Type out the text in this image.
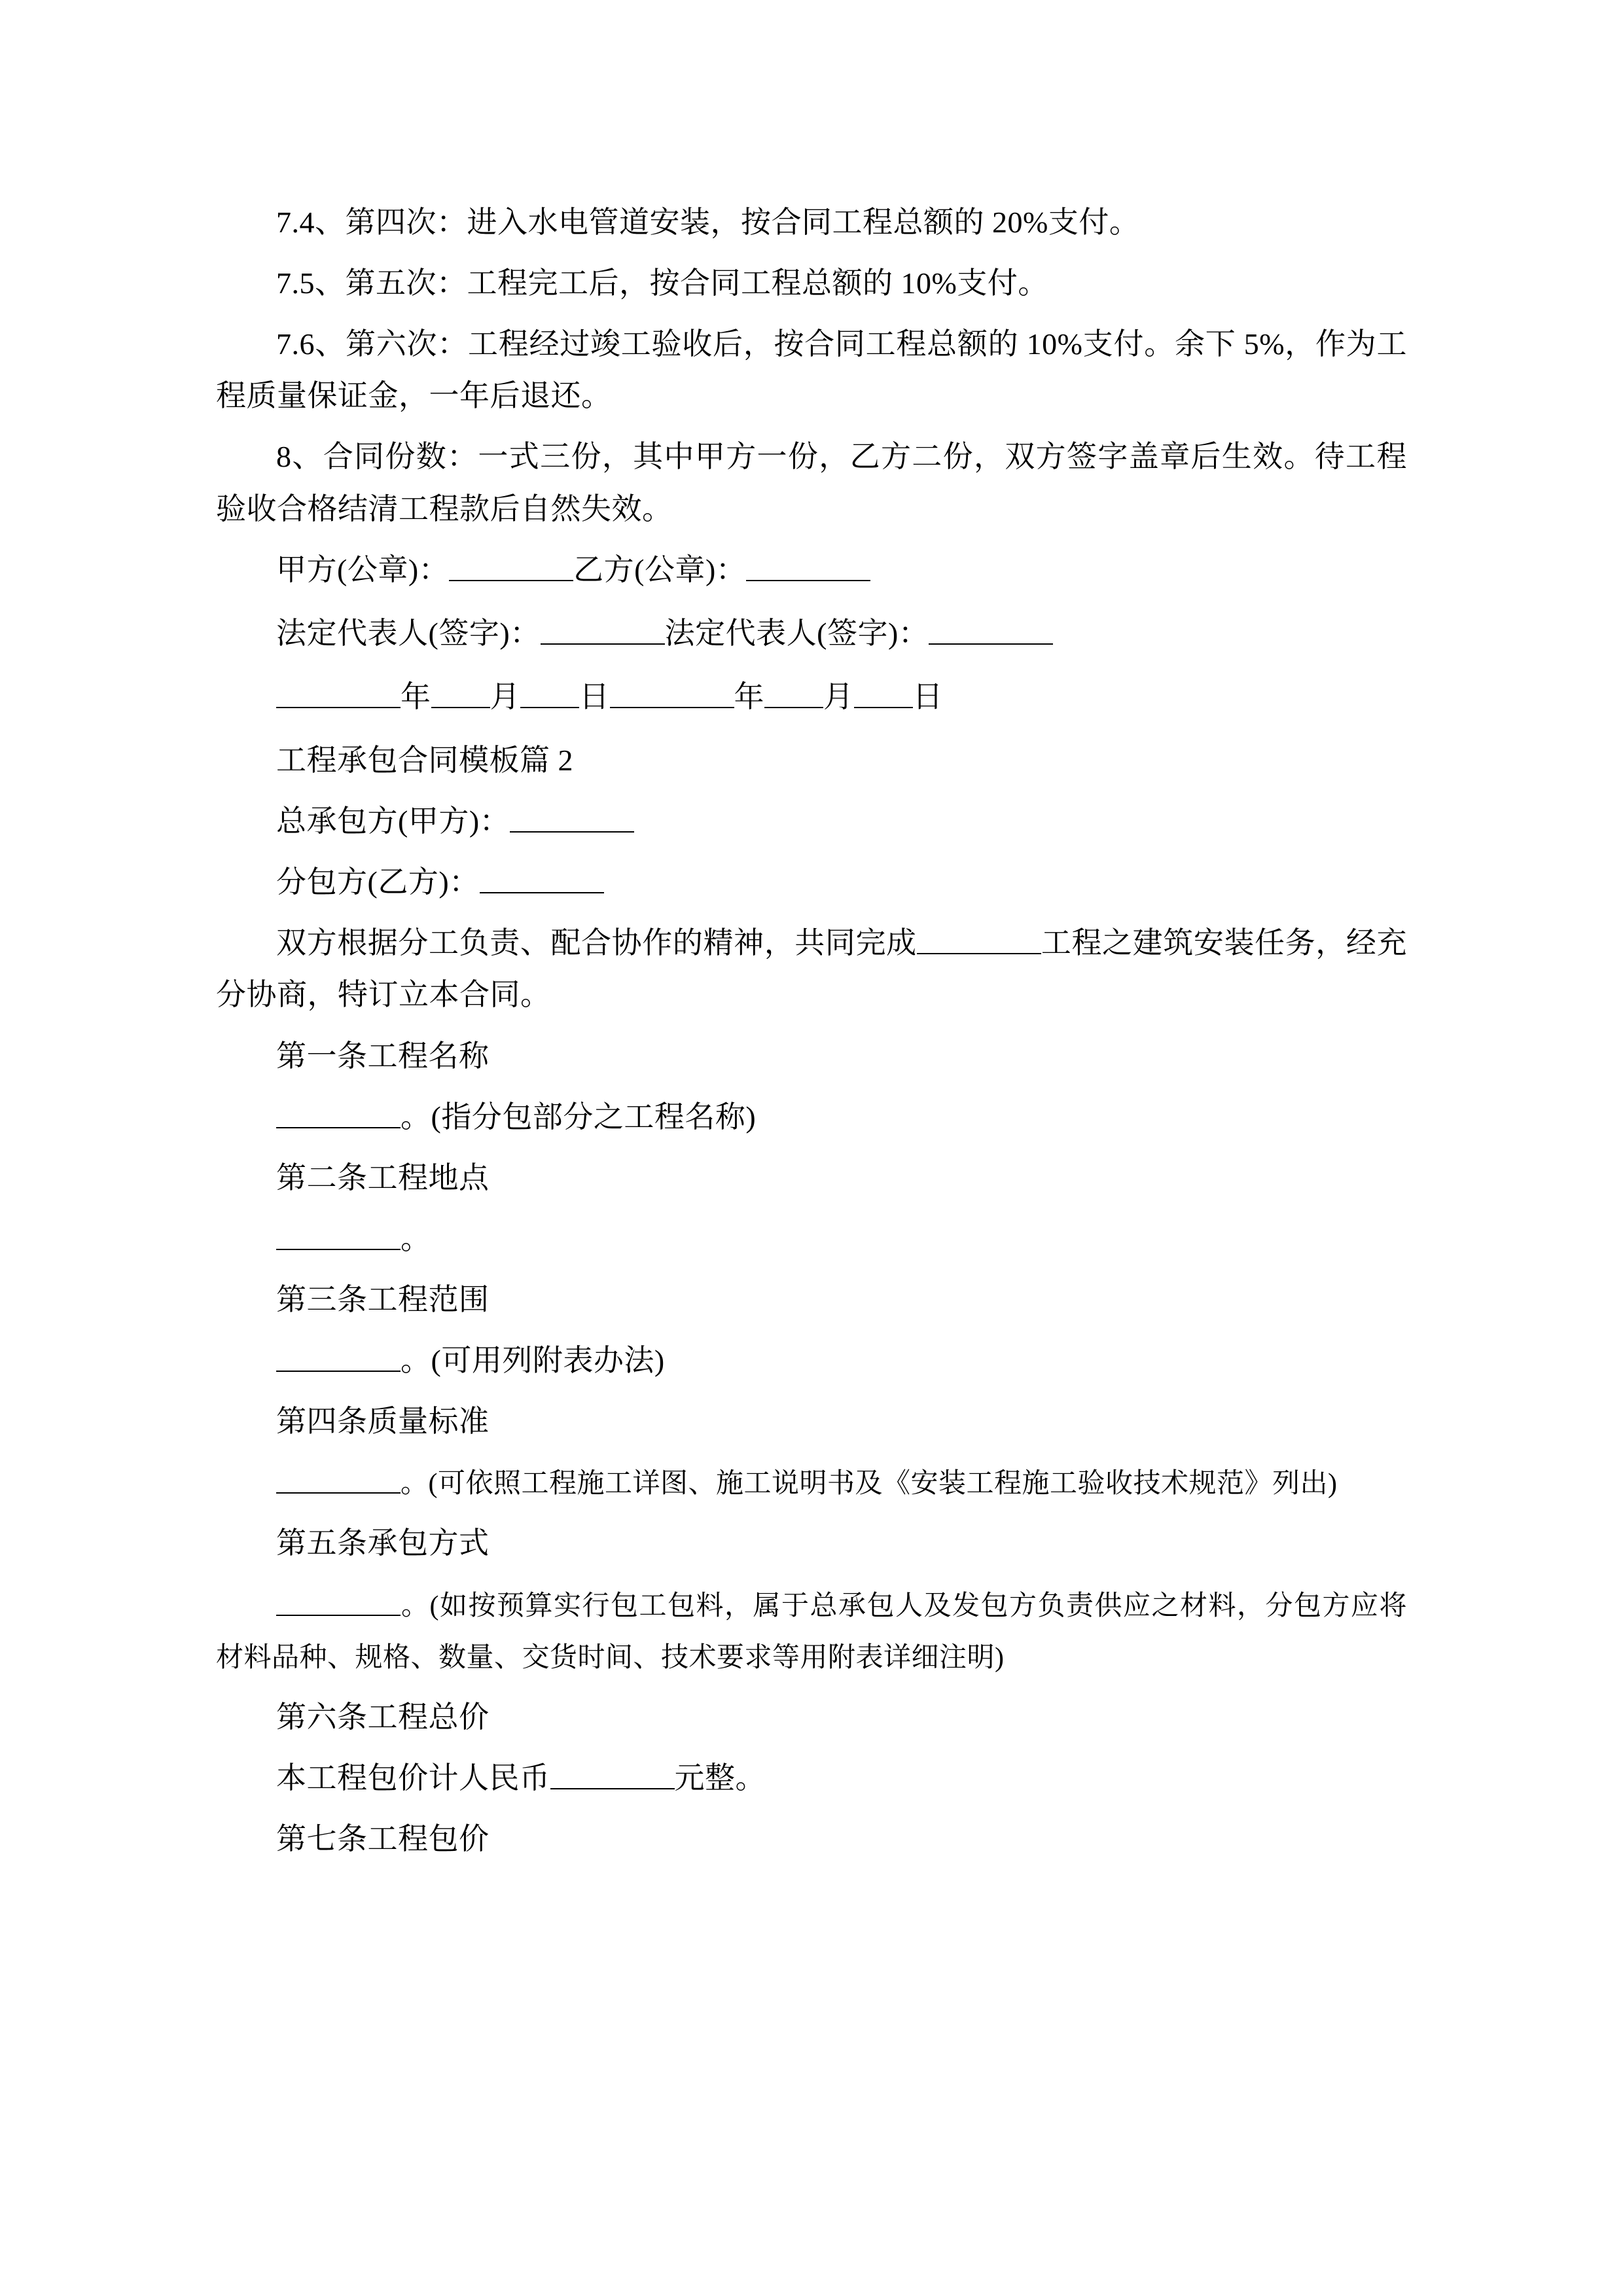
7.4、第四次：进入水电管道安装，按合同工程总额的 20%支付。

7.5、第五次：工程完工后，按合同工程总额的 10%支付。

7.6、第六次：工程经过竣工验收后，按合同工程总额的 10%支付。余下 5%，作为工程质量保证金，一年后退还。

8、合同份数：一式三份，其中甲方一份，乙方二份，双方签字盖章后生效。待工程验收合格结清工程款后自然失效。

甲方(公章)：	乙方(公章)：

法定代表人(签字)：	法定代表人(签字)：

年 月 日	年 月 日

工程承包合同模板篇 2

总承包方(甲方)：

分包方(乙方)：

双方根据分工负责、配合协作的精神，共同完成	工程之建筑安装任务，经充分协商，特订立本合同。

第一条工程名称

。(指分包部分之工程名称)

第二条工程地点

。

第三条工程范围

。(可用列附表办法)

第四条质量标准

。(可依照工程施工详图、施工说明书及《安装工程施工验收技术规范》列出)

第五条承包方式

。(如按预算实行包工包料，属于总承包人及发包方负责供应之材料，分包方应将材料品种、规格、数量、交货时间、技术要求等用附表详细注明)

第六条工程总价

本工程包价计人民币	元整。

第七条工程包价
